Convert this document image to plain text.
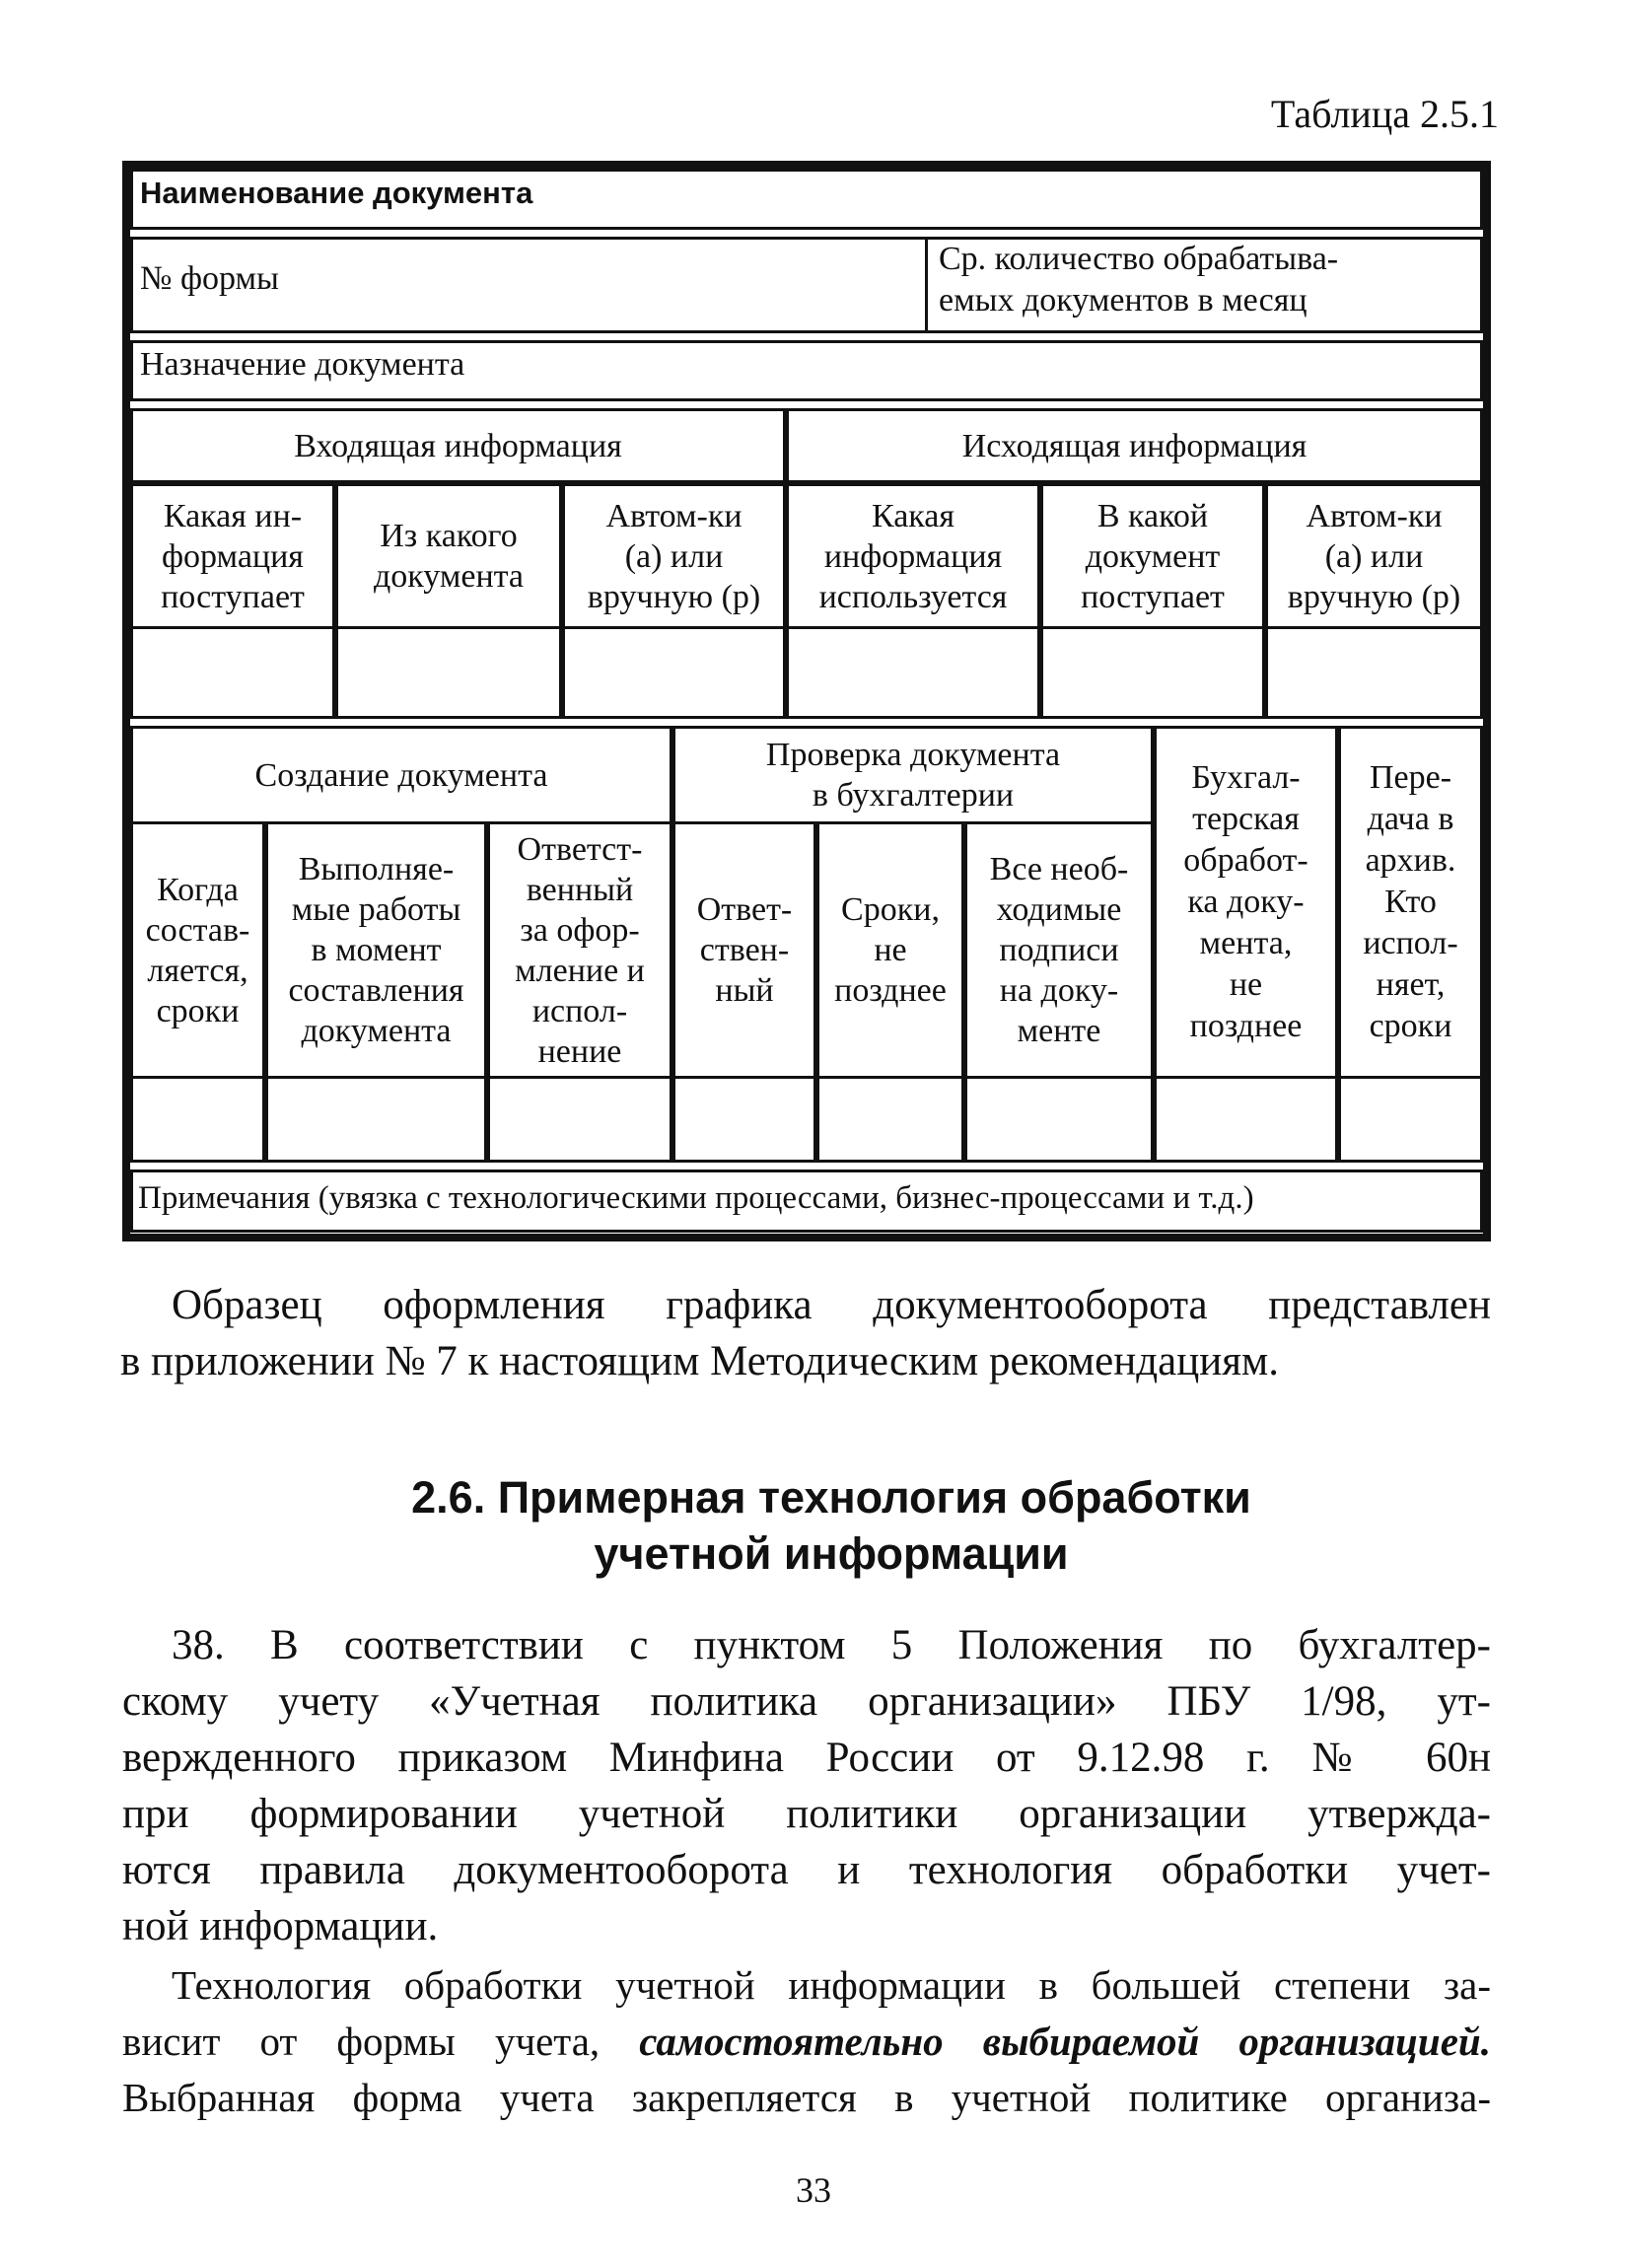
Таблица 2.5.1
Наименование документа
№ формы
Ср. количество обрабатыва-
емых документов в месяц
Назначение документа
Входящая информация	Исходящая информация
Какая ин-
формация
поступает
Из какого
документа
Автом-ки
(а) или
вручную (р)
Какая
информация
используется
В какой
документ
поступает
Автом-ки
(а) или
вручную (р)
Создание документа
Проверка документа
в бухгалтерии	Бухгал-
терская
обработ-
ка доку-
мента,
не
позднее
Пере-
дача в
архив.
Кто
испол-
няет,
сроки
Когда
состав-
ляется,
сроки
Выполняе-
мые работы
в момент
составления
документа
Ответст-
венный
за офор-
мление и
испол-
нение
Ответ-
ствен-
ный
Сроки,
не
позднее
Все необ-
ходимые
подписи
на доку-
менте
Примечания (увязка с технологическими процессами, бизнес-процессами и т.д.)
Образец оформления графика документооборота представлен
в приложении № 7 к настоящим Методическим рекомендациям.
2.6. Примерная технология обработки
учетной информации
38. В соответствии с пунктом 5 Положения по бухгалтер-
скому учету «Учетная политика организации» ПБУ 1/98, ут-
вержденного приказом Минфина России от 9.12.98 г. № 60н
при формировании учетной политики организации утвержда-
ются правила документооборота и технология обработки учет-
ной информации.
Технология обработки учетной информации в большей степени за-
висит от формы учета, самостоятельно выбираемой организацией.
Выбранная форма учета закрепляется в учетной политике организа-
33
